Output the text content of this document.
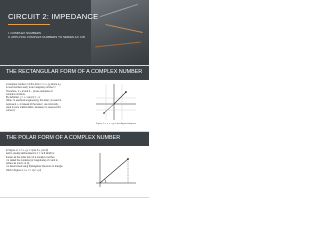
CIRCUIT 2: IMPEDANCE
I. COMPLEX NUMBERS
II. APPLYING COMPLEX NUMBERS TO SERIES AC CIR
THE RECTANGULAR FORM OF A COMPLEX NUMBER
A complex number z of the form z = x + jy where x,y
is real numbers and j is an imaginary number =
Therefore, 1 + j2 and 3 − j4 are examples of
complex numbers.
By definition, j = √−1 and j² = −1.
(Note: In electrical engineering, the letter j is used to
represent √−1 instead of the letter i, as commonly
used in pure mathematics, because i is reserved for
current.)
Figure 1: z = x + jy in the Argand diagram
THE POLAR FORM OF A COMPLEX NUMBER
In Figure 2, z = x + jy = r(cos θ + j sin θ)
and is usually abbreviated to z = r∠θ which is
known as the polar form of a complex number.
r is called the modulus (or magnitude) of z and is
written as mod z or |z|.
r is determined using Pythagoras' theorem on triangle
OAZ in Figure 2, i.e. r = √(x² + y²)
